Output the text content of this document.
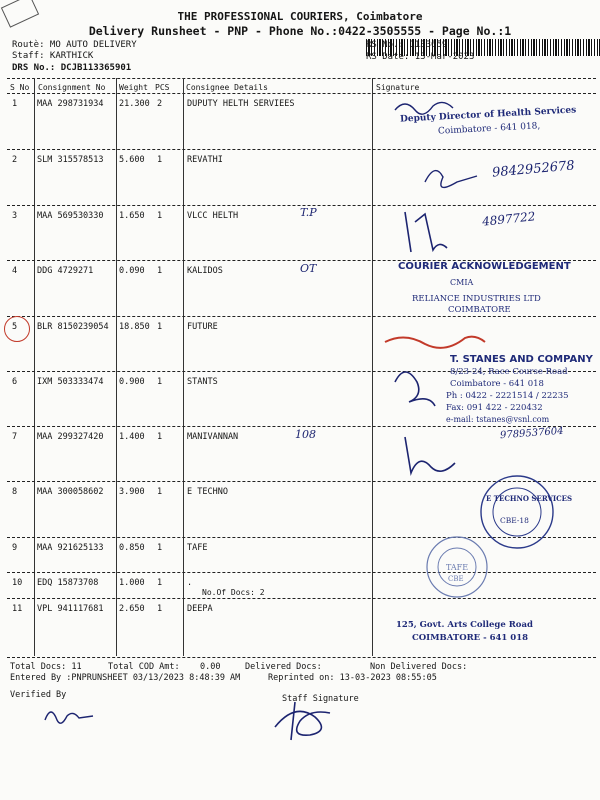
THE PROFESSIONAL COURIERS, Coimbatore
Delivery Runsheet - PNP - Phone No.:0422-3505555 - Page No.:1
Routè: MO AUTO DELIVERY
Staff: KARTHICK
DRS No.: DCJB113365901
RS No.: 1133659
RS Date: 13-Mar-2023
S No Consignment No Weight PCS Consignee Details	Signature
1 MAA 298731934 21.300 2	DUPUTY HELTH SERVIEES
2 SLM 315578513 5.600 1	REVATHI
3 MAA 569530330 1.650 1	VLCC HELTH
4 DDG 4729271	0.090 1	KALIDOS
5 BLR 8150239054 18.850 1	FUTURE
6 IXM 503333474 0.900 1	STANTS
7 MAA 299327420 1.400 1	MANIVANNAN
8 MAA 300058602 3.900 1	E TECHNO
9 MAA 921625133 0.850 1	TAFE
10 EDQ 15873708 1.000 1	.
11 VPL 941117681 2.650 1	DEEPA
No.Of Docs: 2
T.P
OT
108
Deputy Director of Health Services
Coimbatore - 641 018,
9842952678
4897722
COURIER ACKNOWLEDGEMENT
CMIA
RELIANCE INDUSTRIES LTD
COIMBATORE
T. STANES AND COMPANY
8/23-24, Race Course Road
Coimbatore - 641 018
Ph : 0422 - 2221514 / 22235
Fax: 091 422 - 220432
e-mail: tstanes@vsnl.com
9789537604
E TECHNO SERVICES
CBE-18
TAFE
CBE
125, Govt. Arts College Road
COIMBATORE - 641 018
Total Docs: 11	Total COD Amt: 0.00	Delivered Docs:	Non Delivered Docs:
Entered By :PNPRUNSHEET 03/13/2023 8:48:39 AM	Reprinted on: 13-03-2023 08:55:05
Verified By	Staff Signature
